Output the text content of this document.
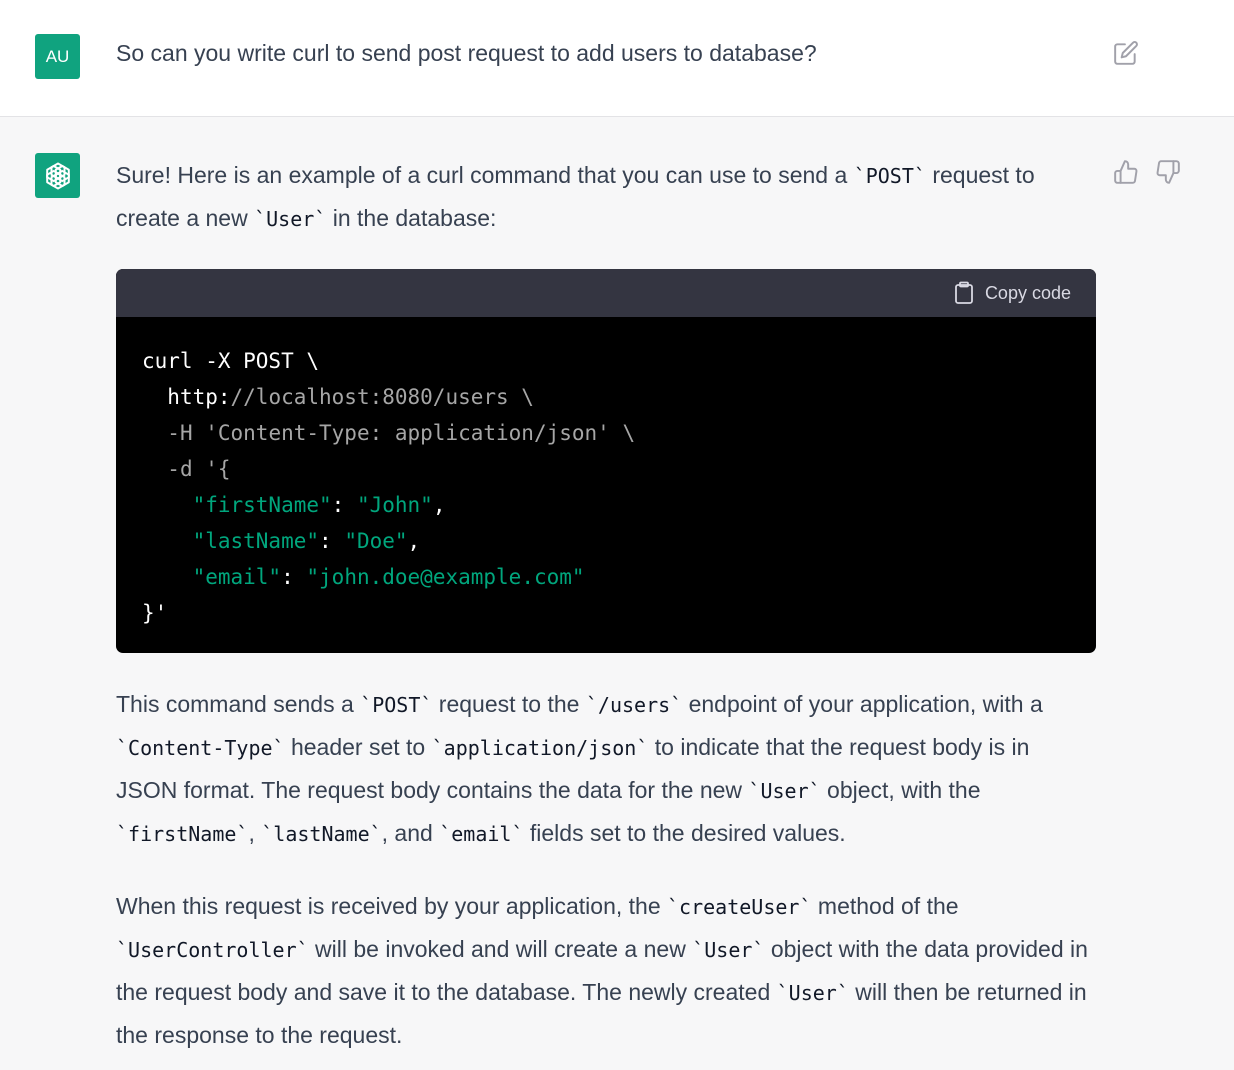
AU	So can you write curl to send post request to add users to database?

Sure! Here is an example of a curl command that you can use to send a `POST` request to create a new `User` in the database:

Copy code
curl -X POST \
http://localhost:8080/users \
-H 'Content-Type: application/json' \
-d '{
"firstName": "John",
"lastName": "Doe",
"email": "john.doe@example.com"
}'

This command sends a `POST` request to the `/users` endpoint of your application, with a `Content-Type` header set to `application/json` to indicate that the request body is in JSON format. The request body contains the data for the new `User` object, with the `firstName`, `lastName`, and `email` fields set to the desired values.

When this request is received by your application, the `createUser` method of the `UserController` will be invoked and will create a new `User` object with the data provided in the request body and save it to the database. The newly created `User` will then be returned in the response to the request.
